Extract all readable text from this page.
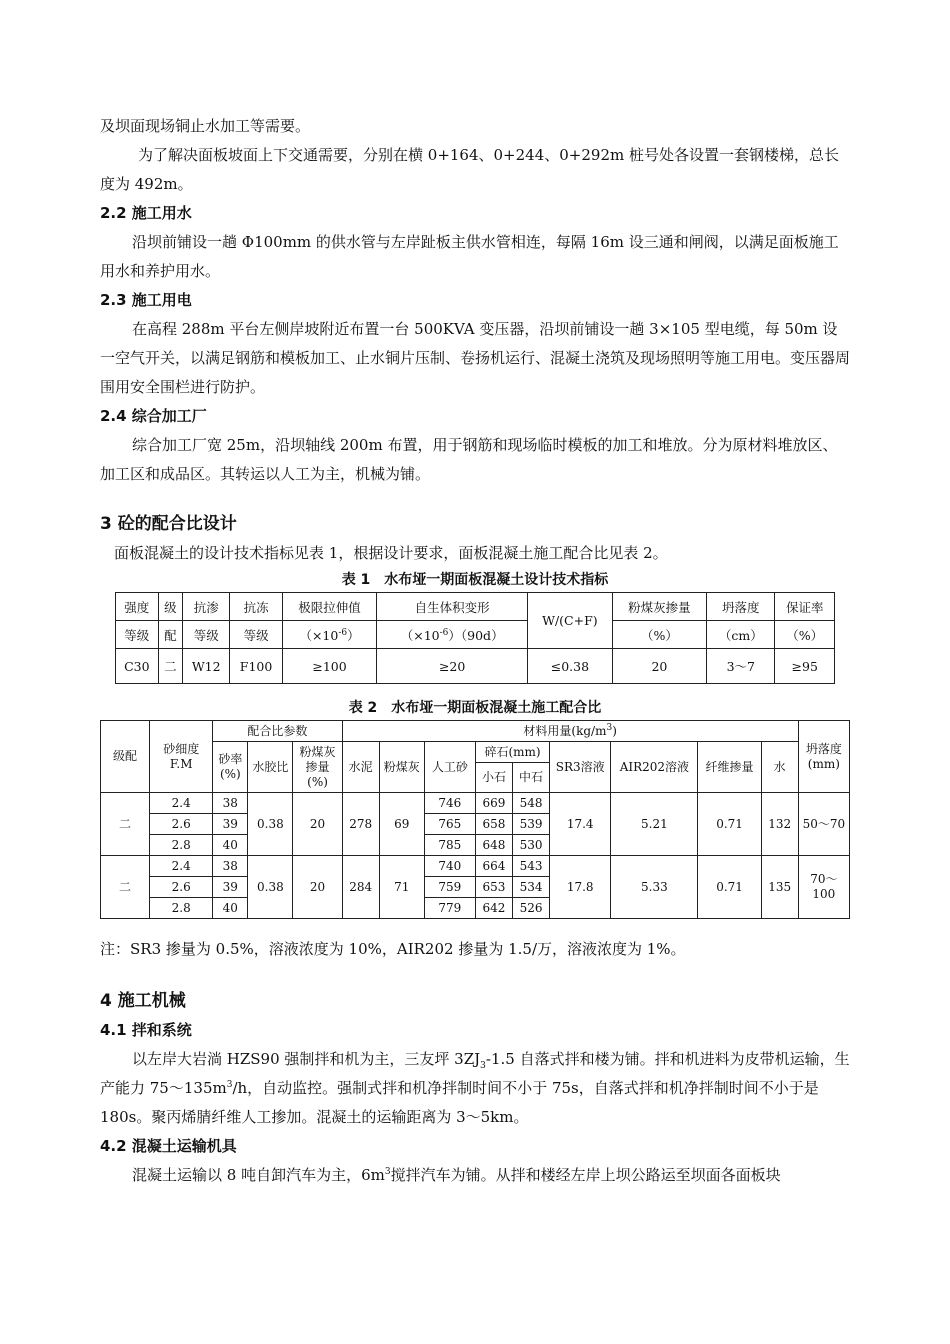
及坝面现场铜止水加工等需要。

为了解决面板坡面上下交通需要，分别在横 0+164、0+244、0+292m 桩号处各设置一套钢楼梯，总长度为 492m。

2.2 施工用水

沿坝前铺设一趟 Φ100mm 的供水管与左岸趾板主供水管相连，每隔 16m 设三通和闸阀，以满足面板施工用水和养护用水。

2.3 施工用电

在高程 288m 平台左侧岸坡附近布置一台 500KVA 变压器，沿坝前铺设一趟 3×105 型电缆，每 50m 设一空气开关，以满足钢筋和模板加工、止水铜片压制、卷扬机运行、混凝土浇筑及现场照明等施工用电。变压器周围用安全围栏进行防护。

2.4 综合加工厂

综合加工厂宽 25m，沿坝轴线 200m 布置，用于钢筋和现场临时模板的加工和堆放。分为原材料堆放区、加工区和成品区。其转运以人工为主，机械为铺。

3 砼的配合比设计

面板混凝土的设计技术指标见表 1，根据设计要求，面板混凝土施工配合比见表 2。

表 1　水布垭一期面板混凝土设计技术指标
强度	级	抗渗	抗冻	极限拉伸值	自生体积变形	W/(C+F)	粉煤灰掺量	坍落度	保证率
等级	配	等级	等级	$(\times 10^{-6})$	$(\times 10^{-6})(90d)$		（%）	（cm）	（%）
C30	二	W12	F100	≥100	≥20	≤0.38	20	3～7	≥95
表 2　水布垭一期面板混凝土施工配合比
级配	砂细度F.M	配合比参数			材料用量$(kg/m^3)$									坍落度(mm)
		砂率(%)	水胶比	粉煤灰掺量(%)	水泥	粉煤灰	人工砂	碎石(mm)		SR3溶液	AIR202溶液	纤维掺量	水	
								小石	中石					
二	2.4	38	0.38	20	278	69	746	669	548	17.4	5.21	0.71	132	50～70
	2.6	39					765	658	539					
	2.8	40					785	648	530					
二	2.4	38	0.38	20	284	71	740	664	543	17.8	5.33	0.71	135	70～100
	2.6	39					759	653	534					
	2.8	40					779	642	526					

注：SR3 掺量为 0.5%，溶液浓度为 10%，AIR202 掺量为 1.5/万，溶液浓度为 1%。

4 施工机械
4.1 拌和系统

以左岸大岩淌 HZS90 强制拌和机为主，三友坪 $3ZJ_3-1.5$ 自落式拌和楼为铺。拌和机进料为皮带机运输，生产能力 $75\sim 135m^3/h$，自动监控。强制式拌和机净拌制时间不小于 75s，自落式拌和机净拌制时间不小于是 180s。聚丙烯腈纤维人工掺加。混凝土的运输距离为 3～5km。

4.2 混凝土运输机具

混凝土运输以 8 吨自卸汽车为主，$6m^3$搅拌汽车为铺。从拌和楼经左岸上坝公路运至坝面各面板块
